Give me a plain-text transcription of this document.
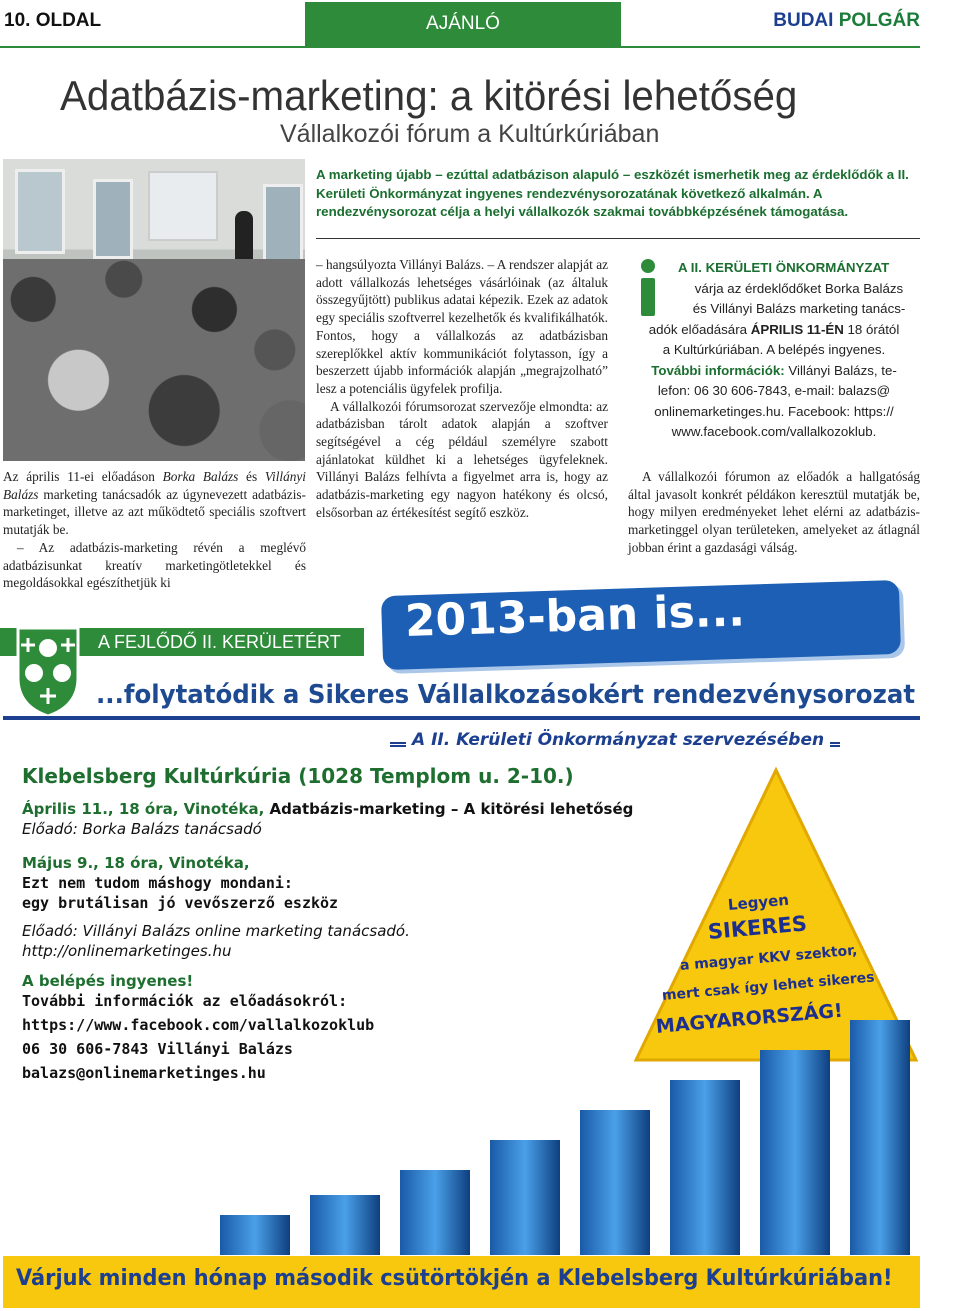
10. OLDAL	AJÁNLÓ	BUDAI POLGÁR
Adatbázis-marketing: a kitörési lehetőség
Vállalkozói fórum a Kultúrkúriában
A marketing újabb – ezúttal adatbázison alapuló – eszközét ismerhetik meg az érdeklődők a II. Kerületi Önkormányzat ingyenes rendezvénysorozatának következő alkalmán. A rendezvénysorozat célja a helyi vállalkozók szakmai továbbképzésének támogatása.

Az április 11-ei előadáson Borka Balázs és Villányi Balázs marketing tanácsadók az úgynevezett adatbázis-marketinget, illetve az azt működtető speciális szoftvert mutatják be.

– Az adatbázis-marketing révén a meglévő adatbázisunkat kreatív marketingötletekkel és megoldásokkal egészíthetjük ki

– hangsúlyozta Villányi Balázs. – A rendszer alapját az adott vállalkozás lehetséges vásárlóinak (az általuk összegyűjtött) publikus adatai képezik. Ezek az adatok egy speciális szoftverrel kezelhetők és kvalifikálhatók. Fontos, hogy a vállalkozás az adatbázisban szereplőkkel aktív kommunikációt folytasson, így a beszerzett újabb információk alapján „megrajzolható” lesz a potenciális ügyfelek profilja.

A vállalkozói fórumsorozat szervezője elmondta: az adatbázisban tárolt adatok alapján a szoftver segítségével a cég például személyre szabott ajánlatokat küldhet ki a lehetséges ügyfeleknek. Villányi Balázs felhívta a figyelmet arra is, hogy az adatbázis-marketing egy nagyon hatékony és olcsó, elsősorban az értékesítést segítő eszköz.

A II. KERÜLETI ÖNKORMÁNYZAT
várja az érdeklődőket Borka Balázs
és Villányi Balázs marketing tanács-
adók előadására ÁPRILIS 11-ÉN 18 órától
a Kultúrkúriában. A belépés ingyenes.
További információk: Villányi Balázs, te-
lefon: 06 30 606-7843, e-mail: balazs@
onlinemarketinges.hu. Facebook: https://
www.facebook.com/vallalkozoklub.

A vállalkozói fórumon az előadók a hallgatóság által javasolt konkrét példákon keresztül mutatják be, hogy milyen eredményeket lehet elérni az adatbázis-marketinggel olyan területeken, amelyeket az átlagnál jobban érint a gazdasági válság.

A FEJLŐDŐ II. KERÜLETÉRT 2013-ban is...
...folytatódik a Sikeres Vállalkozásokért rendezvénysorozat
A II. Kerületi Önkormányzat szervezésében
Klebelsberg Kultúrkúria (1028 Templom u. 2-10.)
Április 11., 18 óra, Vinotéka, Adatbázis-marketing – A kitörési lehetőség
Előadó: Borka Balázs tanácsadó
Május 9., 18 óra, Vinotéka,
Ezt nem tudom máshogy mondani:
egy brutálisan jó vevőszerző eszköz
Előadó: Villányi Balázs online marketing tanácsadó.
http://onlinemarketinges.hu
A belépés ingyenes!
További információk az előadásokról:
https://www.facebook.com/vallalkozoklub
06 30 606-7843 Villányi Balázs
balazs@onlinemarketinges.hu
Legyen
SIKERES
a magyar KKV szektor,
mert csak így lehet sikeres
MAGYARORSZÁG!
Várjuk minden hónap második csütörtökjén a Klebelsberg Kultúrkúriában!
